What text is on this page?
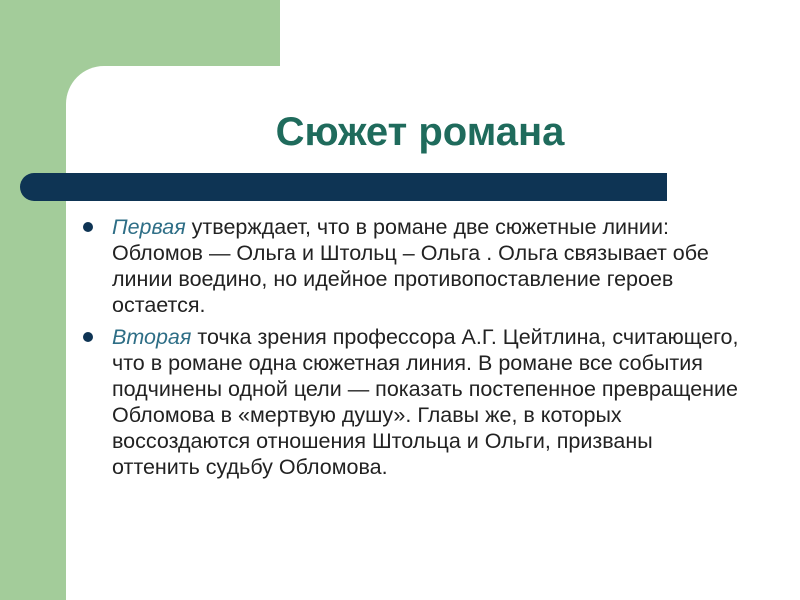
Сюжет романа
Первая утверждает, что в романе две сюжетные линии: Обломов — Ольга и Штольц – Ольга . Ольга связывает обе линии воедино, но идейное противопоставление героев остается.
Вторая точка зрения профессора А.Г. Цейтлина, считающего, что в романе одна сюжетная линия. В романе все события подчинены одной цели — показать постепенное превращение Обломова в «мертвую душу». Главы же, в которых воссоздаются отношения Штольца и Ольги, призваны оттенить судьбу Обломова.
